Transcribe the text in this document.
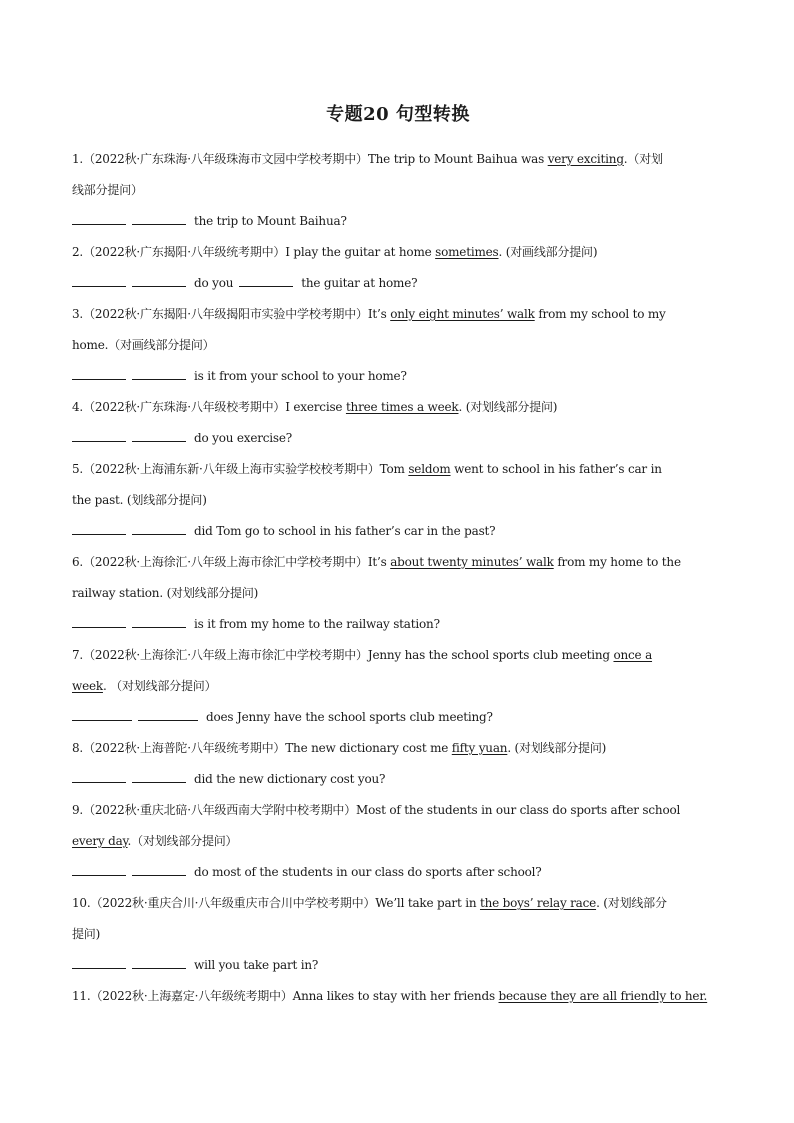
专题20 句型转换
1.（2022秋·广东珠海·八年级珠海市文园中学校考期中）The trip to Mount Baihua was very exciting.（对划
线部分提问）
the trip to Mount Baihua?
2.（2022秋·广东揭阳·八年级统考期中）I play the guitar at home sometimes. (对画线部分提问)
do you	the guitar at home?
3.（2022秋·广东揭阳·八年级揭阳市实验中学校考期中）It’s only eight minutes’ walk from my school to my
home.（对画线部分提问）
is it from your school to your home?
4.（2022秋·广东珠海·八年级校考期中）I exercise three times a week. (对划线部分提问)
do you exercise?
5.（2022秋·上海浦东新·八年级上海市实验学校校考期中）Tom seldom went to school in his father’s car in
the past. (划线部分提问)
did Tom go to school in his father’s car in the past?
6.（2022秋·上海徐汇·八年级上海市徐汇中学校考期中）It’s about twenty minutes’ walk from my home to the
railway station. (对划线部分提问)
is it from my home to the railway station?
7.（2022秋·上海徐汇·八年级上海市徐汇中学校考期中）Jenny has the school sports club meeting once a
week. （对划线部分提问）
does Jenny have the school sports club meeting?
8.（2022秋·上海普陀·八年级统考期中）The new dictionary cost me fifty yuan. (对划线部分提问)
did the new dictionary cost you?
9.（2022秋·重庆北碚·八年级西南大学附中校考期中）Most of the students in our class do sports after school
every day.（对划线部分提问）
do most of the students in our class do sports after school?
10.（2022秋·重庆合川·八年级重庆市合川中学校考期中）We’ll take part in the boys’ relay race. (对划线部分
提问)
will you take part in?
11.（2022秋·上海嘉定·八年级统考期中）Anna likes to stay with her friends because they are all friendly to her.
